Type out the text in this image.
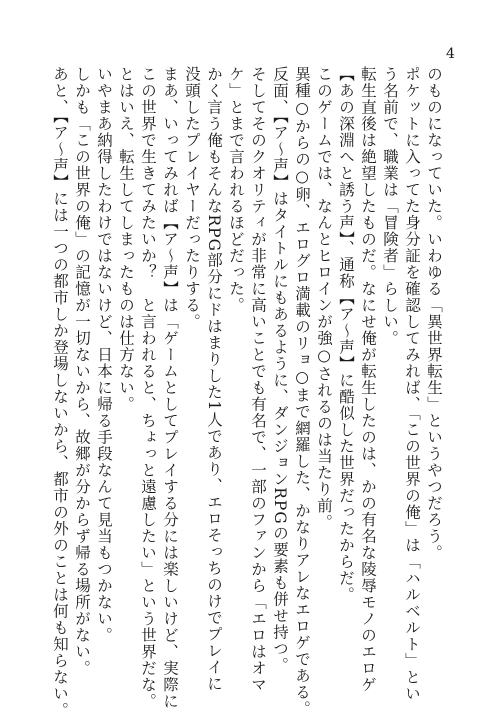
4
のものになっていた。いわゆる「異世界転生」というやつだろう。
ポケットに入ってた身分証を確認してみれば、「この世界の俺」は「ハルベルト」とい
う名前で、職業は「冒険者」らしい。
転生直後は絶望したものだ。なにせ俺が転生したのは、かの有名な陵辱モノのエロゲ
【あの深淵へと誘う声】、通称【ア〜声】に酷似した世界だったからだ。
このゲームでは、なんとヒロインが強○されるのは当たり前。
異種○からの○卵、エログロ満載のリョ○まで網羅した、かなりアレなエロゲである。
反面、【ア〜声】はタイトルにもあるように、ダンジョンRPGの要素も併せ持つ。
そしてそのクオリティが非常に高いことでも有名で、一部のファンから「エロはオマ
ケ」とまで言われるほどだった。
かく言う俺もそんなRPG部分にドはまりした1人であり、エロそっちのけでプレイに
没頭したプレイヤーだったりする。
まあ、いってみれば【ア〜声】は「ゲームとしてプレイする分には楽しいけど、実際に
この世界で生きてみたいか？　と言われると、ちょっと遠慮したい」という世界だな。
とはいえ、転生してしまったものは仕方ない。
いやまあ納得したわけではないけど、日本に帰る手段なんて見当もつかない。
しかも「この世界の俺」の記憶が一切ないから、故郷が分からず帰る場所がない。
あと、【ア〜声】には一つの都市しか登場しないから、都市の外のことは何も知らない。
